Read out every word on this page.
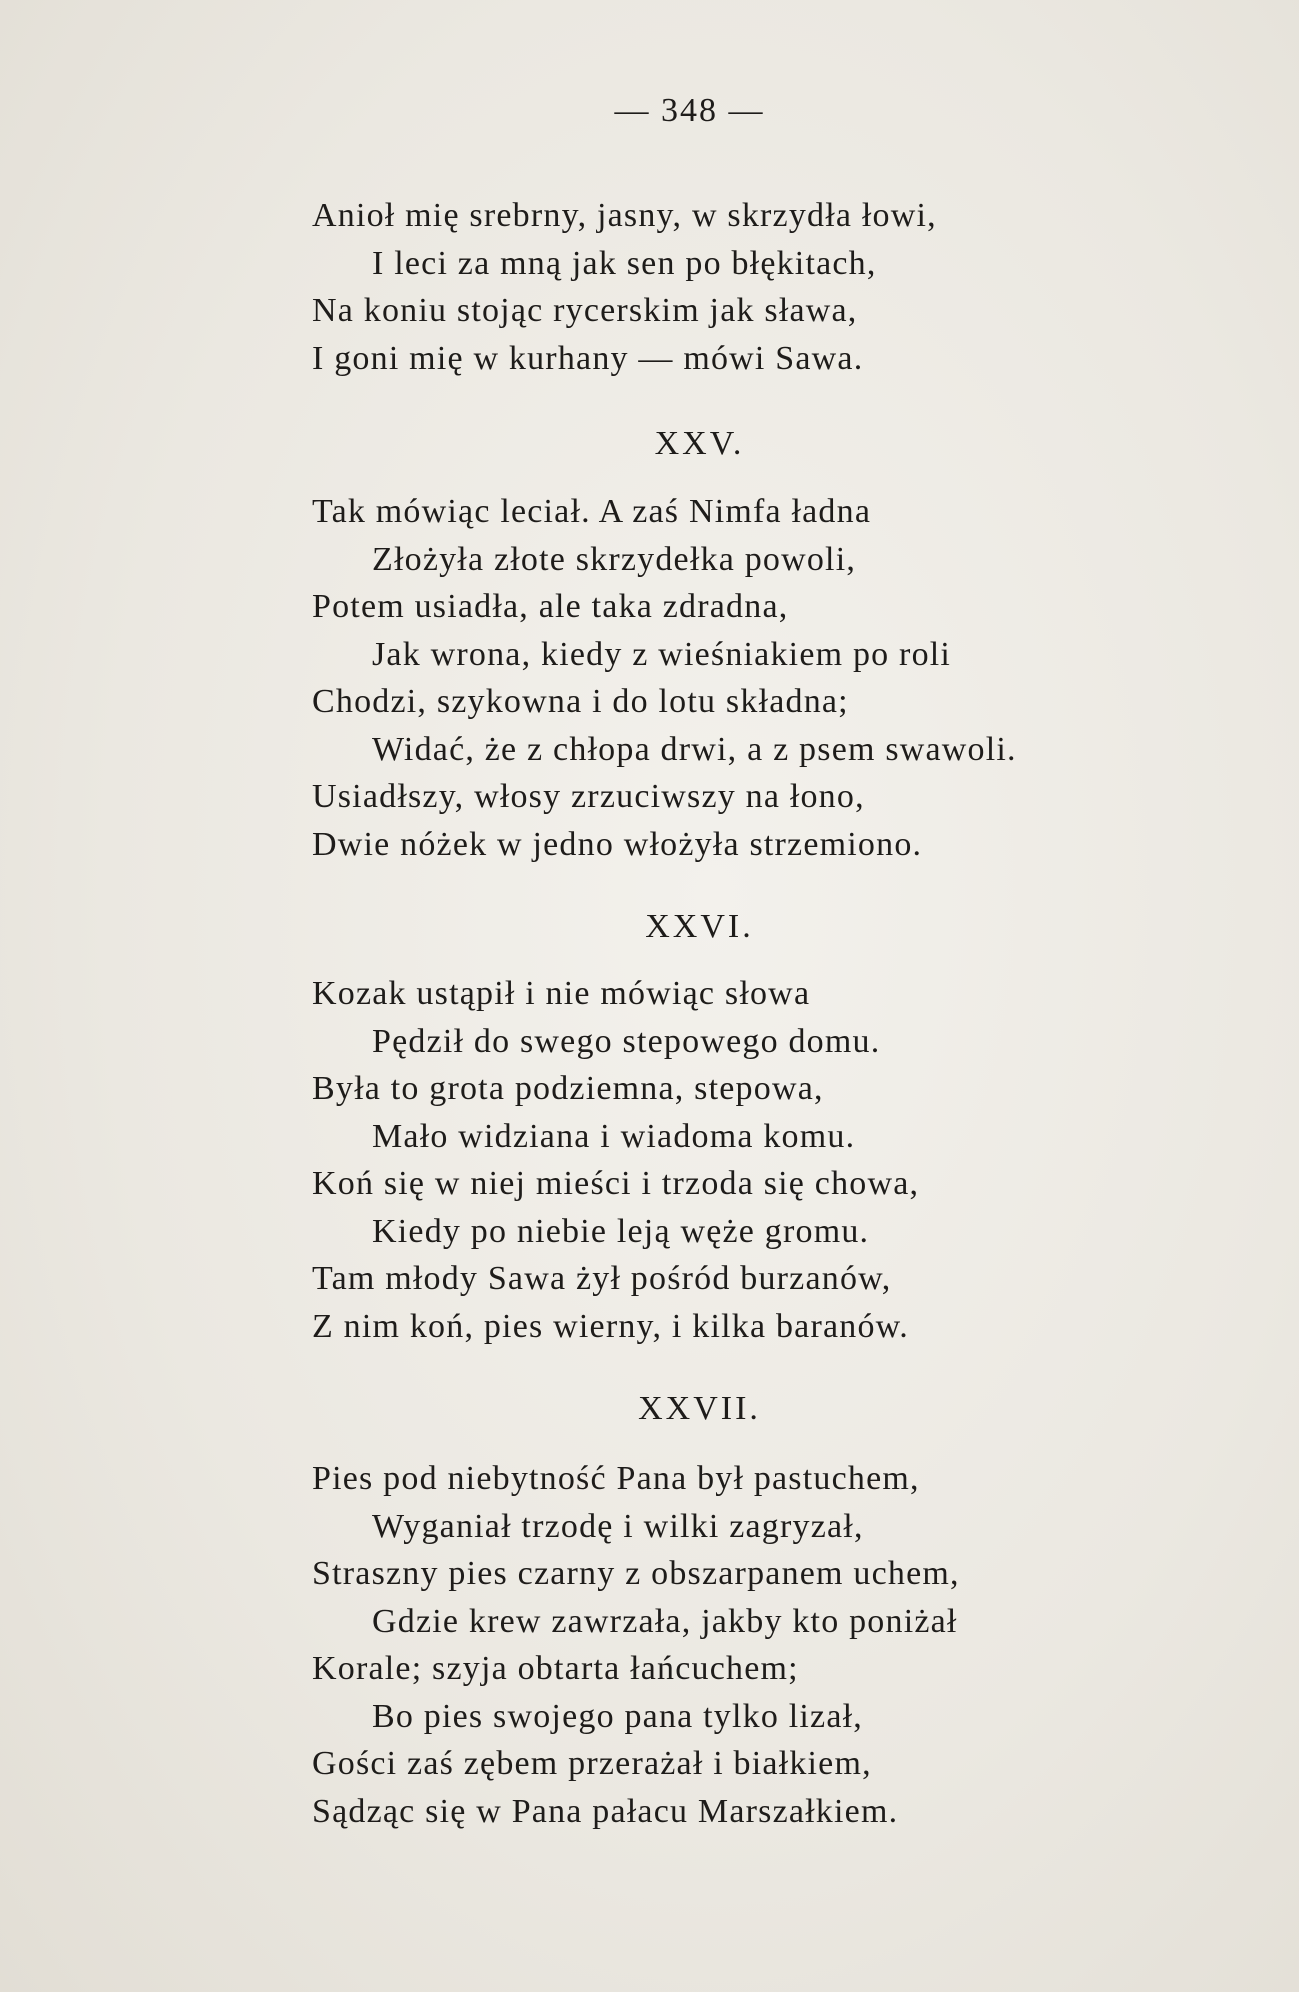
— 348 —
Anioł mię srebrny, jasny, w skrzydła łowi,
I leci za mną jak sen po błękitach,
Na koniu stojąc rycerskim jak sława,
I goni mię w kurhany — mówi Sawa.
XXV.
Tak mówiąc leciał. A zaś Nimfa ładna
Złożyła złote skrzydełka powoli,
Potem usiadła, ale taka zdradna,
Jak wrona, kiedy z wieśniakiem po roli
Chodzi, szykowna i do lotu składna;
Widać, że z chłopa drwi, a z psem swawoli.
Usiadłszy, włosy zrzuciwszy na łono,
Dwie nóżek w jedno włożyła strzemiono.
XXVI.
Kozak ustąpił i nie mówiąc słowa
Pędził do swego stepowego domu.
Była to grota podziemna, stepowa,
Mało widziana i wiadoma komu.
Koń się w niej mieści i trzoda się chowa,
Kiedy po niebie leją węże gromu.
Tam młody Sawa żył pośród burzanów,
Z nim koń, pies wierny, i kilka baranów.
XXVII.
Pies pod niebytność Pana był pastuchem,
Wyganiał trzodę i wilki zagryzał,
Straszny pies czarny z obszarpanem uchem,
Gdzie krew zawrzała, jakby kto poniżał
Korale; szyja obtarta łańcuchem;
Bo pies swojego pana tylko lizał,
Gości zaś zębem przerażał i białkiem,
Sądząc się w Pana pałacu Marszałkiem.
